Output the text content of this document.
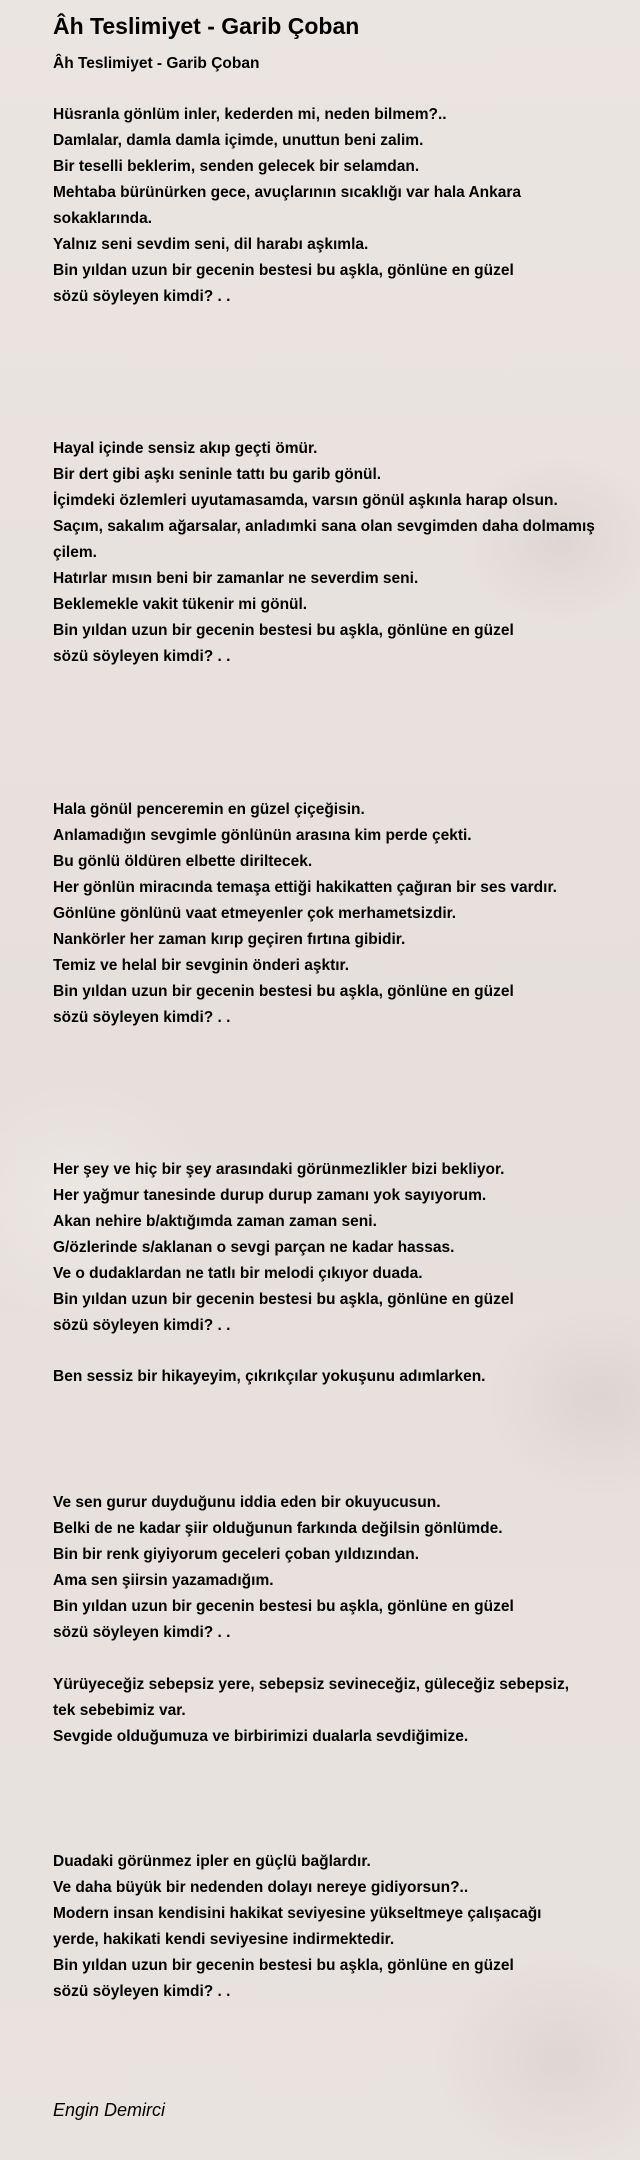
Âh Teslimiyet - Garib Çoban
Âh Teslimiyet - Garib Çoban
Hüsranla gönlüm inler, kederden mi, neden bilmem?..
Damlalar, damla damla içimde, unuttun beni zalim.
Bir teselli beklerim, senden gelecek bir selamdan.
Mehtaba bürünürken gece, avuçlarının sıcaklığı var hala Ankara
sokaklarında.
Yalnız seni sevdim seni, dil harabı aşkımla.
Bin yıldan uzun bir gecenin bestesi bu aşkla, gönlüne en güzel
sözü söyleyen kimdi? . .
Hayal içinde sensiz akıp geçti ömür.
Bir dert gibi aşkı seninle tattı bu garib gönül.
İçimdeki özlemleri uyutamasamda, varsın gönül aşkınla harap olsun.
Saçım, sakalım ağarsalar, anladımki sana olan sevgimden daha dolmamış
çilem.
Hatırlar mısın beni bir zamanlar ne severdim seni.
Beklemekle vakit tükenir mi gönül.
Bin yıldan uzun bir gecenin bestesi bu aşkla, gönlüne en güzel
sözü söyleyen kimdi? . .
Hala gönül penceremin en güzel çiçeğisin.
Anlamadığın sevgimle gönlünün arasına kim perde çekti.
Bu gönlü öldüren elbette diriltecek.
Her gönlün miracında temaşa ettiği hakikatten çağıran bir ses vardır.
Gönlüne gönlünü vaat etmeyenler çok merhametsizdir.
Nankörler her zaman kırıp geçiren fırtına gibidir.
Temiz ve helal bir sevginin önderi aşktır.
Bin yıldan uzun bir gecenin bestesi bu aşkla, gönlüne en güzel
sözü söyleyen kimdi? . .
Her şey ve hiç bir şey arasındaki görünmezlikler bizi bekliyor.
Her yağmur tanesinde durup durup zamanı yok sayıyorum.
Akan nehire b/aktığımda zaman zaman seni.
G/özlerinde s/aklanan o sevgi parçan ne kadar hassas.
Ve o dudaklardan ne tatlı bir melodi çıkıyor duada.
Bin yıldan uzun bir gecenin bestesi bu aşkla, gönlüne en güzel
sözü söyleyen kimdi? . .
Ben sessiz bir hikayeyim, çıkrıkçılar yokuşunu adımlarken.
Ve sen gurur duyduğunu iddia eden bir okuyucusun.
Belki de ne kadar şiir olduğunun farkında değilsin gönlümde.
Bin bir renk giyiyorum geceleri çoban yıldızından.
Ama sen şiirsin yazamadığım.
Bin yıldan uzun bir gecenin bestesi bu aşkla, gönlüne en güzel
sözü söyleyen kimdi? . .
Yürüyeceğiz sebepsiz yere, sebepsiz sevineceğiz, güleceğiz sebepsiz,
tek sebebimiz var.
Sevgide olduğumuza ve birbirimizi dualarla sevdiğimize.
Duadaki görünmez ipler en güçlü bağlardır.
Ve daha büyük bir nedenden dolayı nereye gidiyorsun?..
Modern insan kendisini hakikat seviyesine yükseltmeye çalışacağı
yerde, hakikati kendi seviyesine indirmektedir.
Bin yıldan uzun bir gecenin bestesi bu aşkla, gönlüne en güzel
sözü söyleyen kimdi? . .
Engin Demirci
